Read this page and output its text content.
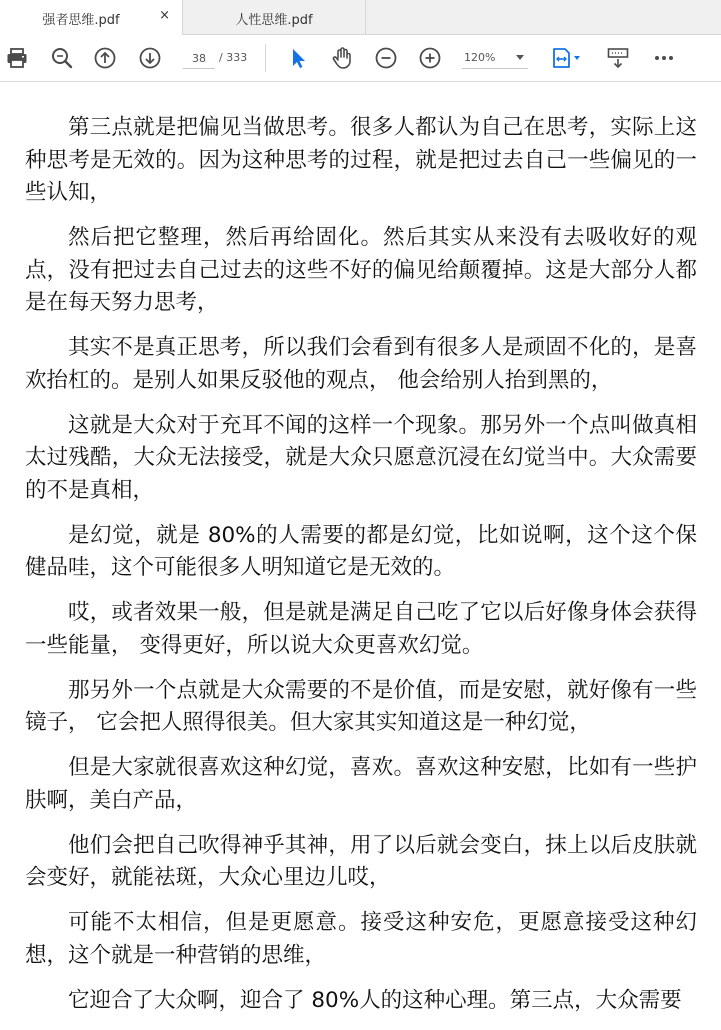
强者思维.pdf	×	人性思维.pdf
38
/ 333	120%

第三点就是把偏见当做思考。很多人都认为自己在思考，实际上这种思考是无效的。因为这种思考的过程，就是把过去自己一些偏见的一些认知，

然后把它整理，然后再给固化。然后其实从来没有去吸收好的观点，没有把过去自己过去的这些不好的偏见给颠覆掉。这是大部分人都是在每天努力思考，

其实不是真正思考，所以我们会看到有很多人是顽固不化的，是喜欢抬杠的。是别人如果反驳他的观点， 他会给别人抬到黑的，

这就是大众对于充耳不闻的这样一个现象。那另外一个点叫做真相太过残酷，大众无法接受，就是大众只愿意沉浸在幻觉当中。大众需要的不是真相，

是幻觉，就是 80%的人需要的都是幻觉，比如说啊，这个这个保健品哇，这个可能很多人明知道它是无效的。

哎，或者效果一般，但是就是满足自己吃了它以后好像身体会获得一些能量， 变得更好，所以说大众更喜欢幻觉。

那另外一个点就是大众需要的不是价值，而是安慰，就好像有一些镜子， 它会把人照得很美。但大家其实知道这是一种幻觉，

但是大家就很喜欢这种幻觉，喜欢。喜欢这种安慰，比如有一些护肤啊，美白产品，

他们会把自己吹得神乎其神，用了以后就会变白，抹上以后皮肤就会变好，就能祛斑，大众心里边儿哎，

可能不太相信，但是更愿意。接受这种安危，更愿意接受这种幻想，这个就是一种营销的思维，

它迎合了大众啊，迎合了 80%人的这种心理。第三点，大众需要
